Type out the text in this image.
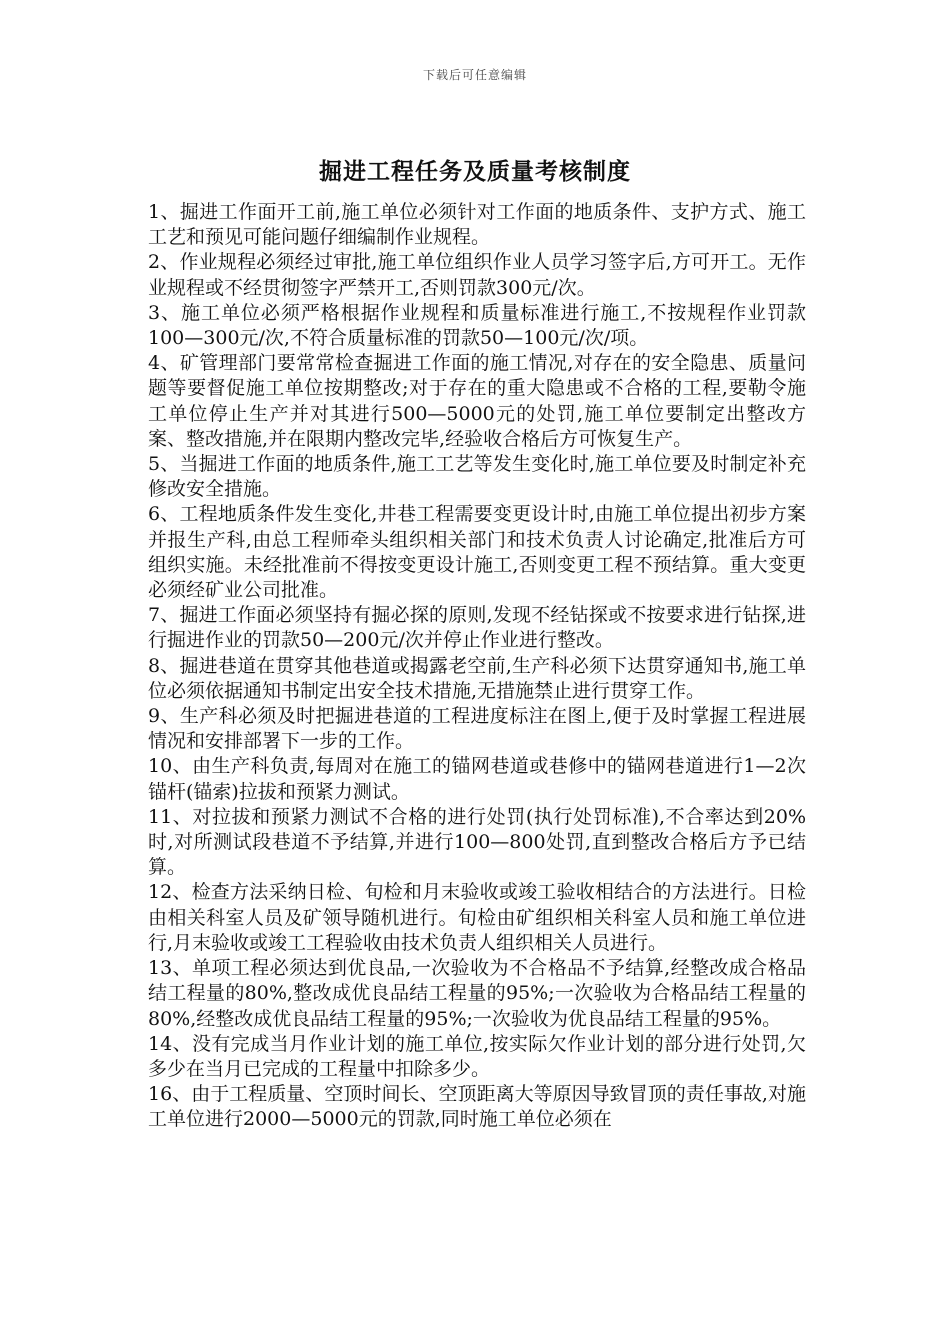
下载后可任意编辑
掘进工程任务及质量考核制度

1、掘进工作面开工前,施工单位必须针对工作面的地质条件、支护方式、施工工艺和预见可能问题仔细编制作业规程。

2、作业规程必须经过审批,施工单位组织作业人员学习签字后,方可开工。无作业规程或不经贯彻签字严禁开工,否则罚款300元/次。

3、施工单位必须严格根据作业规程和质量标准进行施工,不按规程作业罚款100—300元/次,不符合质量标准的罚款50—100元/次/项。

4、矿管理部门要常常检查掘进工作面的施工情况,对存在的安全隐患、质量问题等要督促施工单位按期整改;对于存在的重大隐患或不合格的工程,要勒令施工单位停止生产并对其进行500—5000元的处罚,施工单位要制定出整改方案、整改措施,并在限期内整改完毕,经验收合格后方可恢复生产。

5、当掘进工作面的地质条件,施工工艺等发生变化时,施工单位要及时制定补充修改安全措施。

6、工程地质条件发生变化,井巷工程需要变更设计时,由施工单位提出初步方案并报生产科,由总工程师牵头组织相关部门和技术负责人讨论确定,批准后方可组织实施。未经批准前不得按变更设计施工,否则变更工程不预结算。重大变更必须经矿业公司批准。

7、掘进工作面必须坚持有掘必探的原则,发现不经钻探或不按要求进行钻探,进行掘进作业的罚款50—200元/次并停止作业进行整改。

8、掘进巷道在贯穿其他巷道或揭露老空前,生产科必须下达贯穿通知书,施工单位必须依据通知书制定出安全技术措施,无措施禁止进行贯穿工作。

9、生产科必须及时把掘进巷道的工程进度标注在图上,便于及时掌握工程进展情况和安排部署下一步的工作。

10、由生产科负责,每周对在施工的锚网巷道或巷修中的锚网巷道进行1—2次锚杆(锚索)拉拔和预紧力测试。

11、对拉拔和预紧力测试不合格的进行处罚(执行处罚标准),不合率达到20%时,对所测试段巷道不予结算,并进行100—800处罚,直到整改合格后方予已结算。

12、检查方法采纳日检、旬检和月末验收或竣工验收相结合的方法进行。日检由相关科室人员及矿领导随机进行。旬检由矿组织相关科室人员和施工单位进行,月末验收或竣工工程验收由技术负责人组织相关人员进行。

13、单项工程必须达到优良品,一次验收为不合格品不予结算,经整改成合格品结工程量的80%,整改成优良品结工程量的95%;一次验收为合格品结工程量的80%,经整改成优良品结工程量的95%;一次验收为优良品结工程量的95%。

14、没有完成当月作业计划的施工单位,按实际欠作业计划的部分进行处罚,欠多少在当月已完成的工程量中扣除多少。

16、由于工程质量、空顶时间长、空顶距离大等原因导致冒顶的责任事故,对施工单位进行2000—5000元的罚款,同时施工单位必须在
